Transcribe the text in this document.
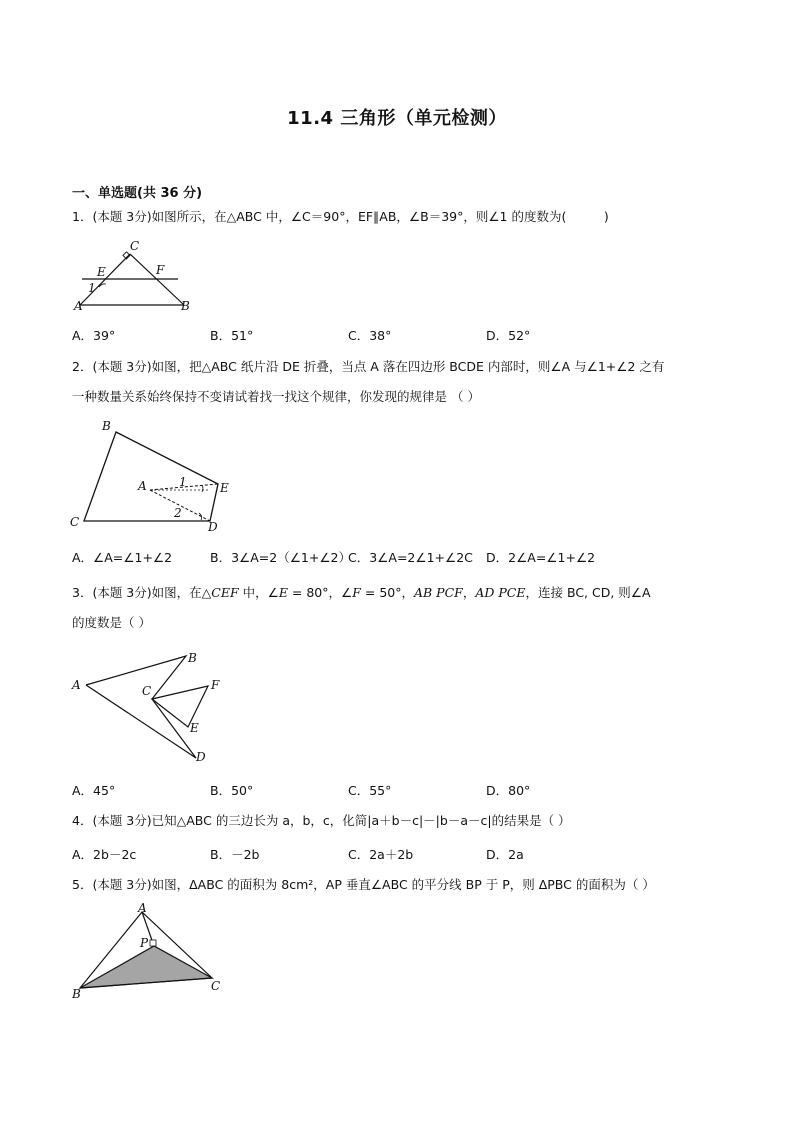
11.4 三角形（单元检测）
一、单选题(共 36 分)
1．(本题 3分)如图所示，在△ABC 中，∠C＝90°，EF∥AB，∠B＝39°，则∠1 的度数为(　　　)
C
E	F
1
A	B
A．39°	B．51°	C．38°	D．52°
2．(本题 3分)如图，把△ABC 纸片沿 DE 折叠，当点 A 落在四边形 BCDE 内部时，则∠A 与∠1+∠2 之有
一种数量关系始终保持不变请试着找一找这个规律，你发现的规律是 （ ）
B
A	1	E
2
C	D
A．∠A=∠1+∠2	B．3∠A=2（∠1+∠2）
C．3∠A=2∠1+∠2C D．2∠A=∠1+∠2
3．(本题 3分)如图，在△CEF 中，∠E = 80°，∠F = 50°，AB PCF，AD PCE，连接 BC, CD, 则∠A
的度数是（ ）
A
B
C	F
E
D
A．45°	B．50°	C．55°	D．80°
4．(本题 3分)已知△ABC 的三边长为 a，b，c，化简|a＋b－c|－|b－a－c|的结果是（ ）
A．2b－2c	B．－2b	C．2a＋2b	D．2a
5．(本题 3分)如图，ΔABC 的面积为 8cm²，AP 垂直∠ABC 的平分线 BP 于 P，则 ΔPBC 的面积为（ ）
A
P
B
C
